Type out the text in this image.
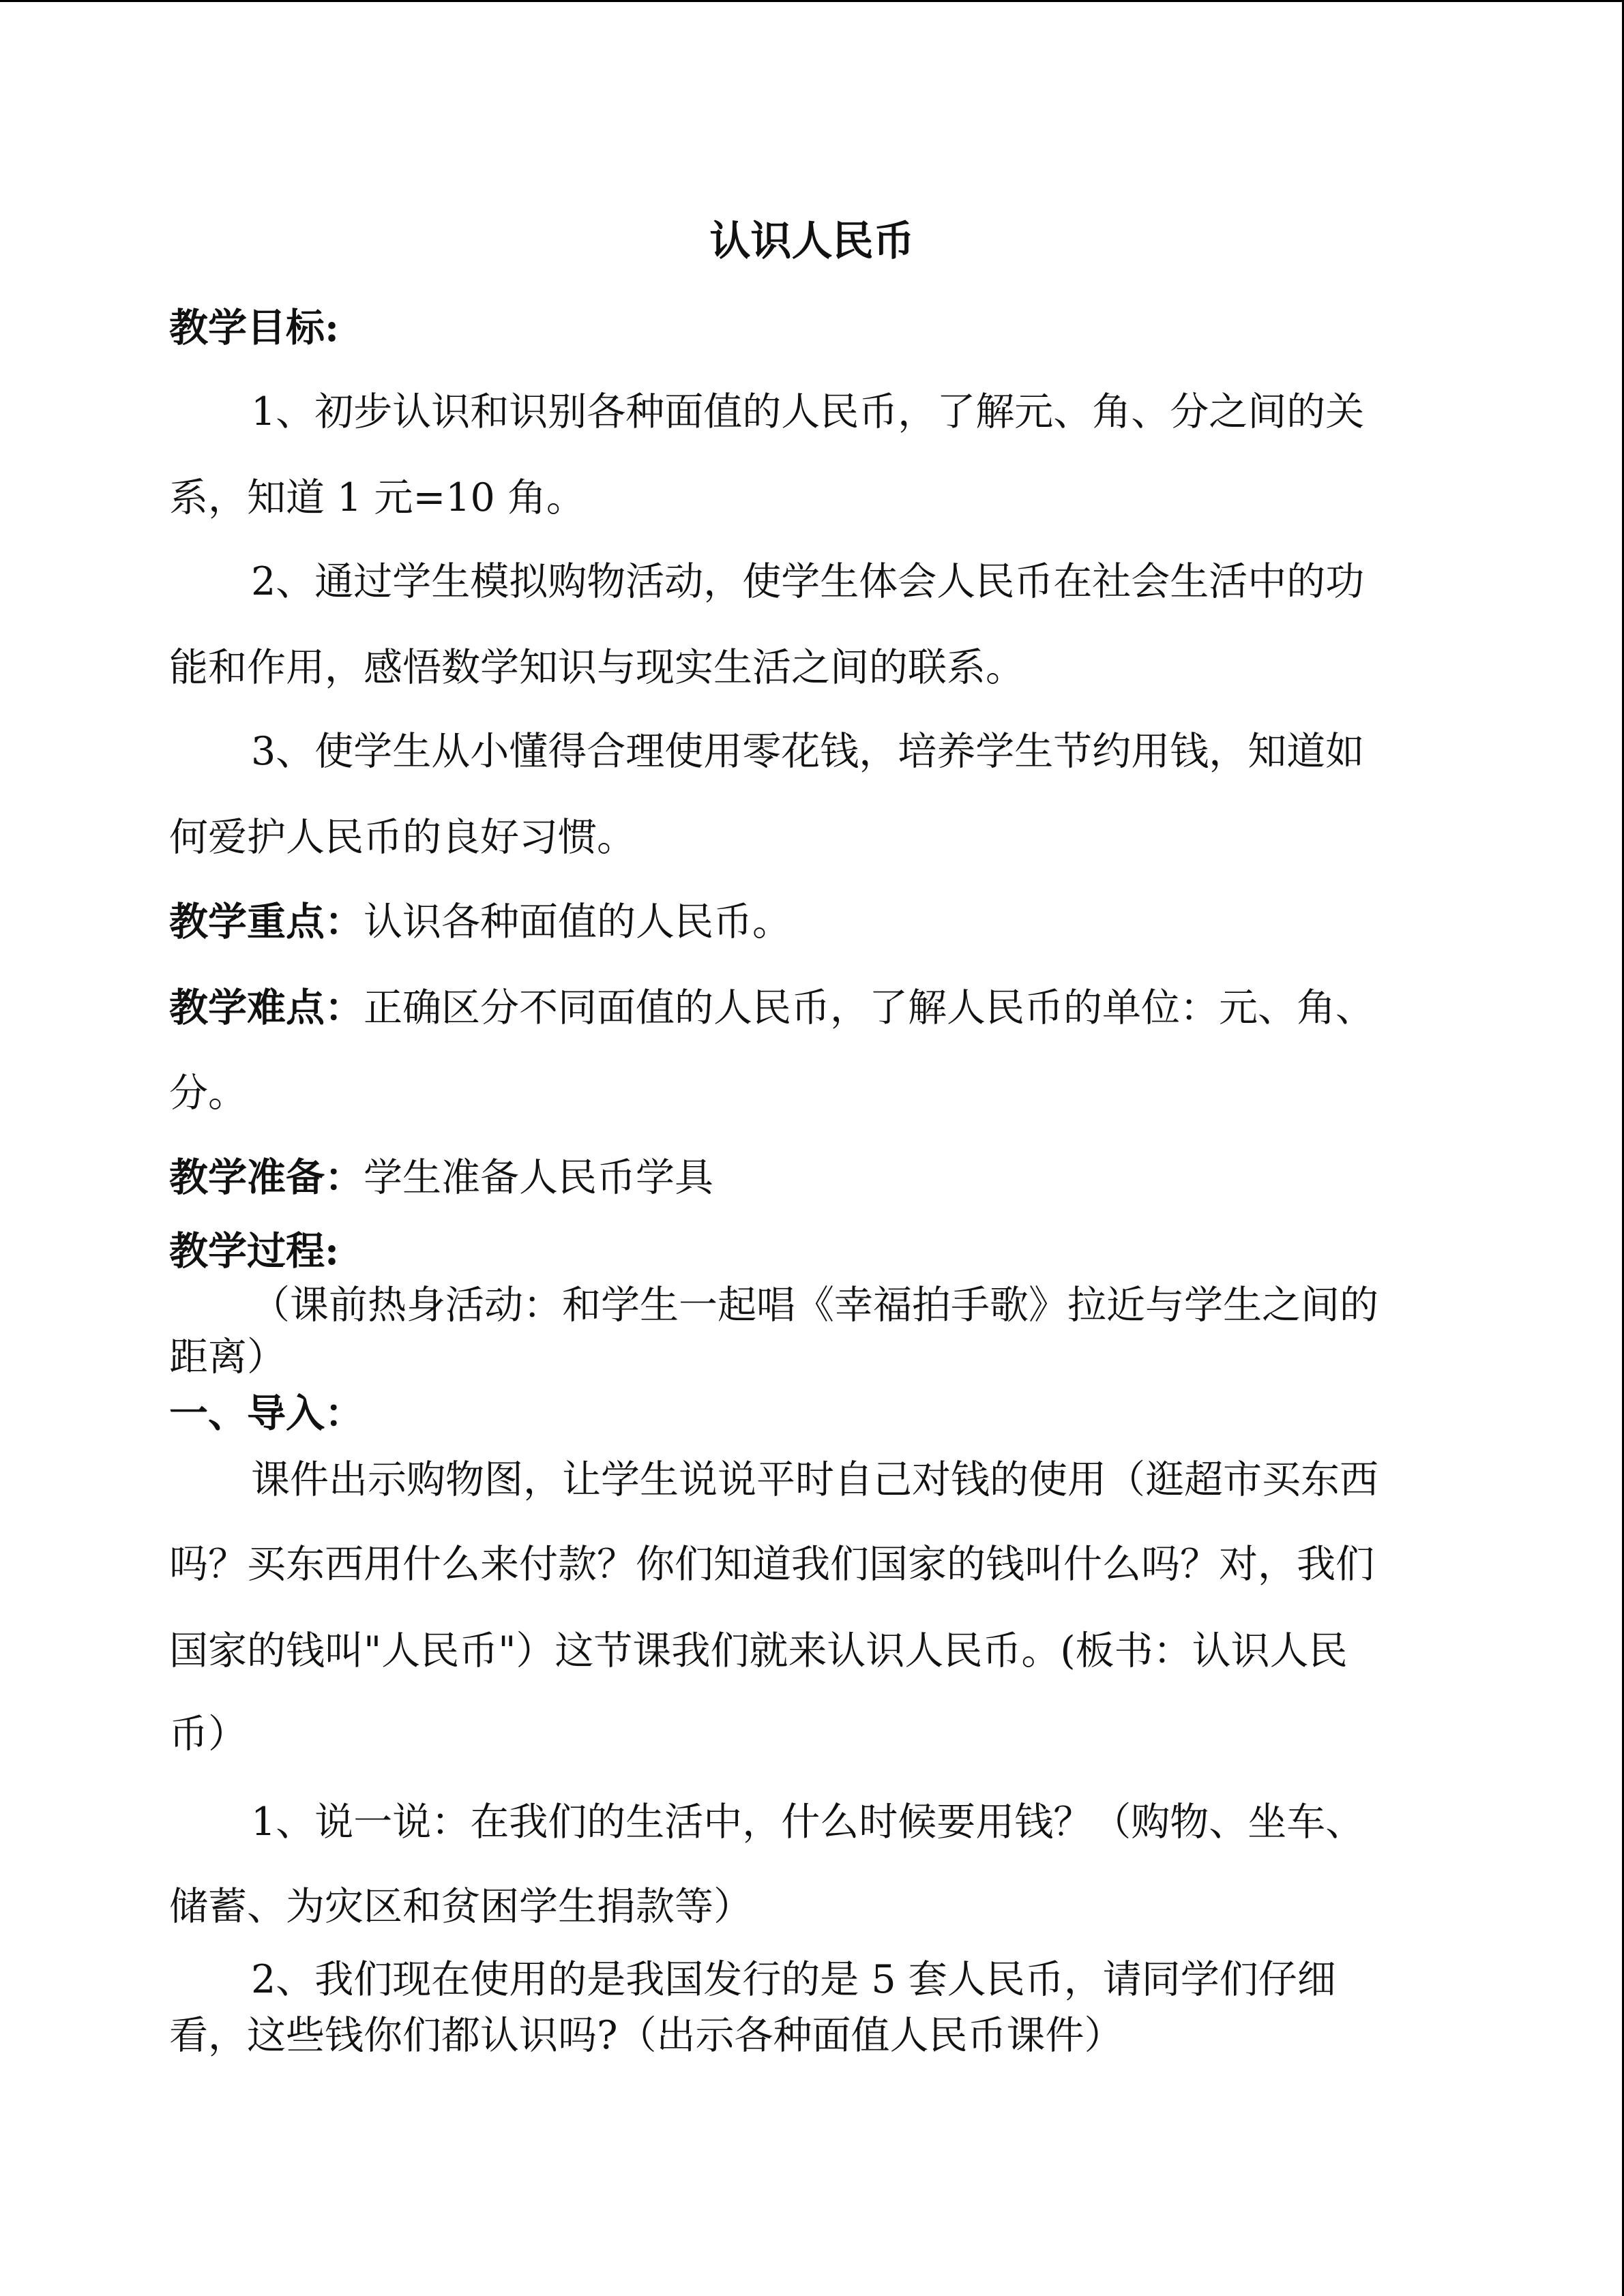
认识人民币

教学目标:

1、初步认识和识别各种面值的人民币，了解元、角、分之间的关

系，知道 1 元=10 角。

2、通过学生模拟购物活动，使学生体会人民币在社会生活中的功

能和作用，感悟数学知识与现实生活之间的联系。

3、使学生从小懂得合理使用零花钱，培养学生节约用钱，知道如

何爱护人民币的良好习惯。

教学重点：认识各种面值的人民币。

教学难点：正确区分不同面值的人民币，了解人民币的单位：元、角、

分。

教学准备：学生准备人民币学具

教学过程:

（课前热身活动：和学生一起唱《幸福拍手歌》拉近与学生之间的

距离）

一、导入：

课件出示购物图，让学生说说平时自己对钱的使用（逛超市买东西

吗？买东西用什么来付款？你们知道我们国家的钱叫什么吗？对，我们

国家的钱叫"人民币"）这节课我们就来认识人民币。(板书：认识人民

币）

1、说一说：在我们的生活中，什么时候要用钱？（购物、坐车、

储蓄、为灾区和贫困学生捐款等）

2、我们现在使用的是我国发行的是 5 套人民币，请同学们仔细

看，这些钱你们都认识吗?（出示各种面值人民币课件）
